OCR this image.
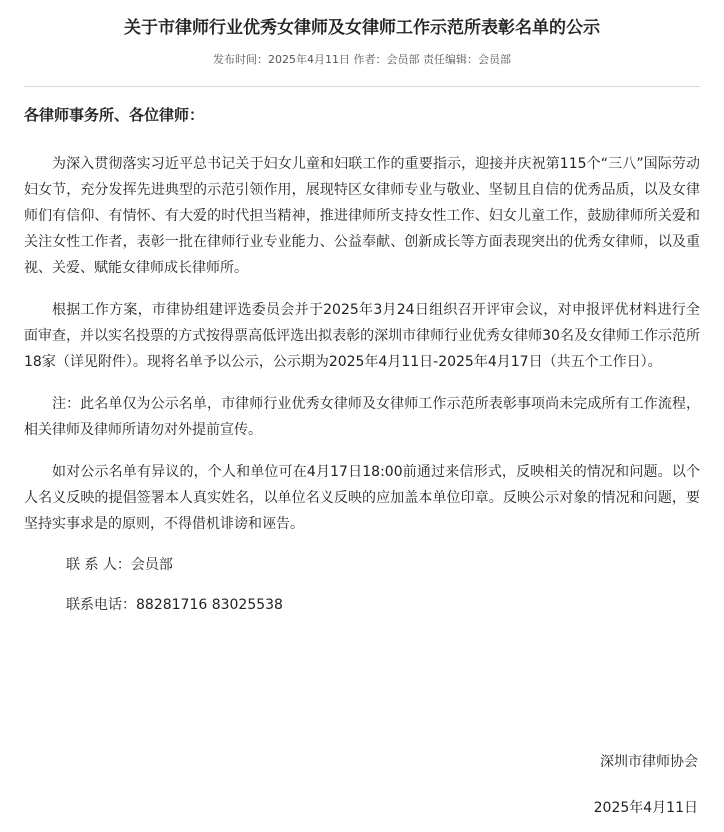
关于市律师行业优秀女律师及女律师工作示范所表彰名单的公示
发布时间：2025年4月11日 作者：会员部 责任编辑：会员部

各律师事务所、各位律师：

为深入贯彻落实习近平总书记关于妇女儿童和妇联工作的重要指示，迎接并庆祝第115个“三八”国际劳动妇女节，充分发挥先进典型的示范引领作用，展现特区女律师专业与敬业、坚韧且自信的优秀品质，以及女律师们有信仰、有情怀、有大爱的时代担当精神，推进律师所支持女性工作、妇女儿童工作，鼓励律师所关爱和关注女性工作者，表彰一批在律师行业专业能力、公益奉献、创新成长等方面表现突出的优秀女律师，以及重视、关爱、赋能女律师成长律师所。

根据工作方案，市律协组建评选委员会并于2025年3月24日组织召开评审会议，对申报评优材料进行全面审查，并以实名投票的方式按得票高低评选出拟表彰的深圳市律师行业优秀女律师30名及女律师工作示范所18家（详见附件）。现将名单予以公示，公示期为2025年4月11日-2025年4月17日（共五个工作日）。

注：此名单仅为公示名单，市律师行业优秀女律师及女律师工作示范所表彰事项尚未完成所有工作流程，相关律师及律师所请勿对外提前宣传。

如对公示名单有异议的，个人和单位可在4月17日18:00前通过来信形式，反映相关的情况和问题。以个人名义反映的提倡签署本人真实姓名，以单位名义反映的应加盖本单位印章。反映公示对象的情况和问题，要坚持实事求是的原则，不得借机诽谤和诬告。

联 系 人：会员部

联系电话：88281716 83025538

深圳市律师协会
2025年4月11日
